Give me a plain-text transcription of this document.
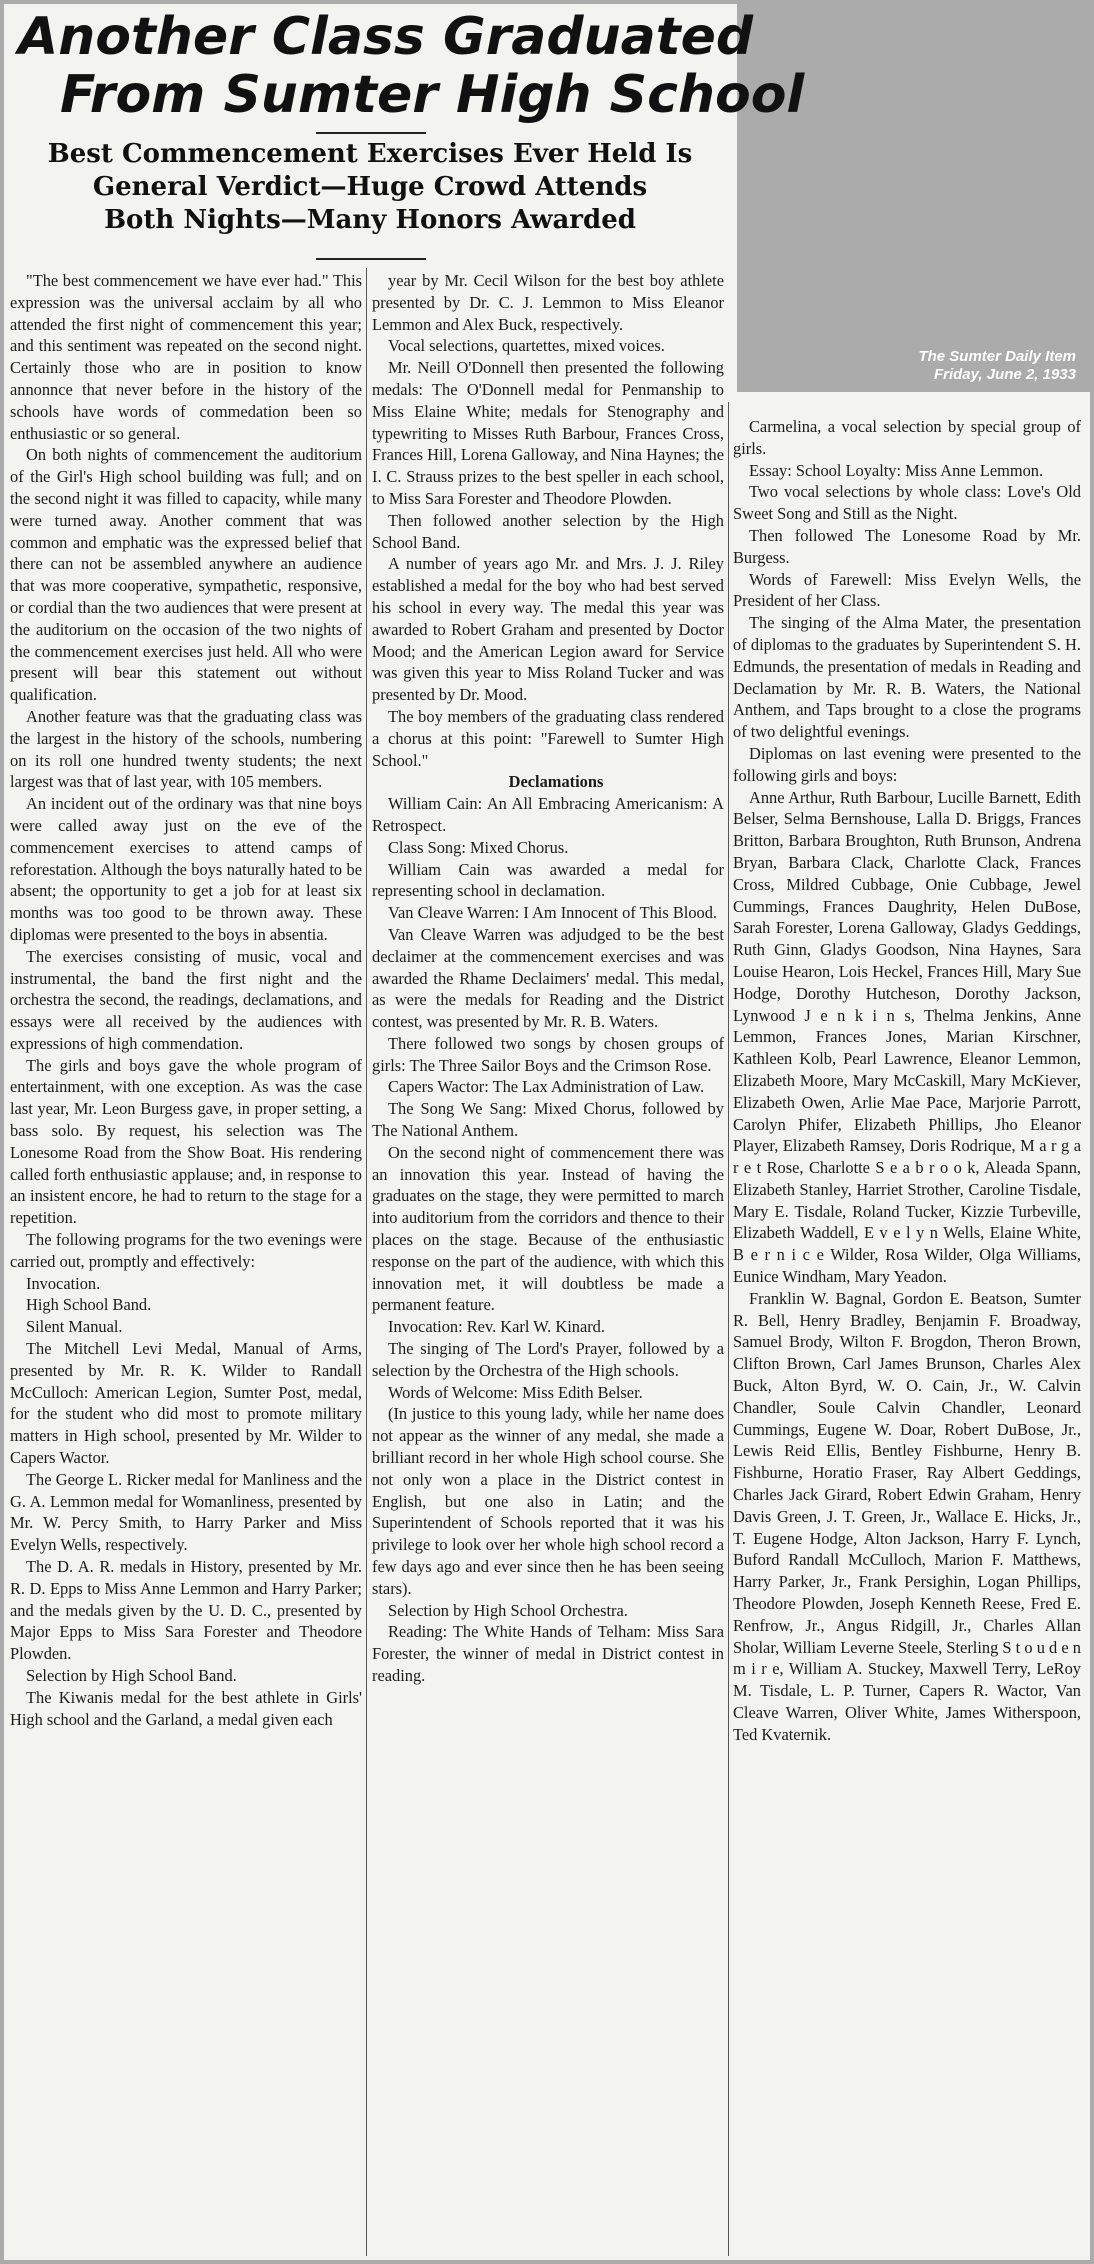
The Sumter Daily Item
Friday, June 2, 1933
Another Class Graduated
From Sumter High School
Best Commencement Exercises Ever Held Is
General Verdict—Huge Crowd Attends
Both Nights—Many Honors Awarded

"The best commencement we have ever had." This expression was the universal acclaim by all who attended the first night of commencement this year; and this sentiment was repeated on the second night. Certainly those who are in position to know annonnce that never before in the history of the schools have words of commedation been so enthusiastic or so general.

On both nights of commencement the auditorium of the Girl's High school building was full; and on the second night it was filled to capacity, while many were turned away. Another comment that was common and emphatic was the expressed belief that there can not be assembled anywhere an audience that was more cooperative, sympathetic, responsive, or cordial than the two audiences that were present at the auditorium on the occasion of the two nights of the commencement exercises just held. All who were present will bear this statement out without qualification.

Another feature was that the graduating class was the largest in the history of the schools, numbering on its roll one hundred twenty students; the next largest was that of last year, with 105 members.

An incident out of the ordinary was that nine boys were called away just on the eve of the commencement exercises to attend camps of reforestation. Although the boys naturally hated to be absent; the opportunity to get a job for at least six months was too good to be thrown away. These diplomas were presented to the boys in absentia.

The exercises consisting of music, vocal and instrumental, the band the first night and the orchestra the second, the readings, declamations, and essays were all received by the audiences with expressions of high commendation.

The girls and boys gave the whole program of entertainment, with one exception. As was the case last year, Mr. Leon Burgess gave, in proper setting, a bass solo. By request, his selection was The Lonesome Road from the Show Boat. His rendering called forth enthusiastic applause; and, in response to an insistent encore, he had to return to the stage for a repetition.

The following programs for the two evenings were carried out, promptly and effectively:

Invocation.

High School Band.

Silent Manual.

The Mitchell Levi Medal, Manual of Arms, presented by Mr. R. K. Wilder to Randall McCulloch: American Legion, Sumter Post, medal, for the student who did most to promote military matters in High school, presented by Mr. Wilder to Capers Wactor.

The George L. Ricker medal for Manliness and the G. A. Lemmon medal for Womanliness, presented by Mr. W. Percy Smith, to Harry Parker and Miss Evelyn Wells, respectively.

The D. A. R. medals in History, presented by Mr. R. D. Epps to Miss Anne Lemmon and Harry Parker; and the medals given by the U. D. C., presented by Major Epps to Miss Sara Forester and Theodore Plowden.

Selection by High School Band.

The Kiwanis medal for the best athlete in Girls' High school and the Garland, a medal given each

year by Mr. Cecil Wilson for the best boy athlete presented by Dr. C. J. Lemmon to Miss Eleanor Lemmon and Alex Buck, respectively.

Vocal selections, quartettes, mixed voices.

Mr. Neill O'Donnell then presented the following medals: The O'Donnell medal for Penmanship to Miss Elaine White; medals for Stenography and typewriting to Misses Ruth Barbour, Frances Cross, Frances Hill, Lorena Galloway, and Nina Haynes; the I. C. Strauss prizes to the best speller in each school, to Miss Sara Forester and Theodore Plowden.

Then followed another selection by the High School Band.

A number of years ago Mr. and Mrs. J. J. Riley established a medal for the boy who had best served his school in every way. The medal this year was awarded to Robert Graham and presented by Doctor Mood; and the American Legion award for Service was given this year to Miss Roland Tucker and was presented by Dr. Mood.

The boy members of the graduating class rendered a chorus at this point: "Farewell to Sumter High School."

Declamations

William Cain: An All Embracing Americanism: A Retrospect.

Class Song: Mixed Chorus.

William Cain was awarded a medal for representing school in declamation.

Van Cleave Warren: I Am Innocent of This Blood.

Van Cleave Warren was adjudged to be the best declaimer at the commencement exercises and was awarded the Rhame Declaimers' medal. This medal, as were the medals for Reading and the District contest, was presented by Mr. R. B. Waters.

There followed two songs by chosen groups of girls: The Three Sailor Boys and the Crimson Rose.

Capers Wactor: The Lax Administration of Law.

The Song We Sang: Mixed Chorus, followed by The National Anthem.

On the second night of commencement there was an innovation this year. Instead of having the graduates on the stage, they were permitted to march into auditorium from the corridors and thence to their places on the stage. Because of the enthusiastic response on the part of the audience, with which this innovation met, it will doubtless be made a permanent feature.

Invocation: Rev. Karl W. Kinard.

The singing of The Lord's Prayer, followed by a selection by the Orchestra of the High schools.

Words of Welcome: Miss Edith Belser.

(In justice to this young lady, while her name does not appear as the winner of any medal, she made a brilliant record in her whole High school course. She not only won a place in the District contest in English, but one also in Latin; and the Superintendent of Schools reported that it was his privilege to look over her whole high school record a few days ago and ever since then he has been seeing stars).

Selection by High School Orchestra.

Reading: The White Hands of Telham: Miss Sara Forester, the winner of medal in District contest in reading.

Carmelina, a vocal selection by special group of girls.

Essay: School Loyalty: Miss Anne Lemmon.

Two vocal selections by whole class: Love's Old Sweet Song and Still as the Night.

Then followed The Lonesome Road by Mr. Burgess.

Words of Farewell: Miss Evelyn Wells, the President of her Class.

The singing of the Alma Mater, the presentation of diplomas to the graduates by Superintendent S. H. Edmunds, the presentation of medals in Reading and Declamation by Mr. R. B. Waters, the National Anthem, and Taps brought to a close the programs of two delightful evenings.

Diplomas on last evening were presented to the following girls and boys:

Anne Arthur, Ruth Barbour, Lucille Barnett, Edith Belser, Selma Bernshouse, Lalla D. Briggs, Frances Britton, Barbara Broughton, Ruth Brunson, Andrena Bryan, Barbara Clack, Charlotte Clack, Frances Cross, Mildred Cubbage, Onie Cubbage, Jewel Cummings, Frances Daughrity, Helen DuBose, Sarah Forester, Lorena Galloway, Gladys Geddings, Ruth Ginn, Gladys Goodson, Nina Haynes, Sara Louise Hearon, Lois Heckel, Frances Hill, Mary Sue Hodge, Dorothy Hutcheson, Dorothy Jackson, Lynwood J e n k i n s, Thelma Jenkins, Anne Lemmon, Frances Jones, Marian Kirschner, Kathleen Kolb, Pearl Lawrence, Eleanor Lemmon, Elizabeth Moore, Mary McCaskill, Mary McKiever, Elizabeth Owen, Arlie Mae Pace, Marjorie Parrott, Carolyn Phifer, Elizabeth Phillips, Jho Eleanor Player, Elizabeth Ramsey, Doris Rodrique, M a r g a r e t Rose, Charlotte S e a b r o o k, Aleada Spann, Elizabeth Stanley, Harriet Strother, Caroline Tisdale, Mary E. Tisdale, Roland Tucker, Kizzie Turbeville, Elizabeth Waddell, E v e l y n Wells, Elaine White, B e r n i c e Wilder, Rosa Wilder, Olga Williams, Eunice Windham, Mary Yeadon.

Franklin W. Bagnal, Gordon E. Beatson, Sumter R. Bell, Henry Bradley, Benjamin F. Broadway, Samuel Brody, Wilton F. Brogdon, Theron Brown, Clifton Brown, Carl James Brunson, Charles Alex Buck, Alton Byrd, W. O. Cain, Jr., W. Calvin Chandler, Soule Calvin Chandler, Leonard Cummings, Eugene W. Doar, Robert DuBose, Jr., Lewis Reid Ellis, Bentley Fishburne, Henry B. Fishburne, Horatio Fraser, Ray Albert Geddings, Charles Jack Girard, Robert Edwin Graham, Henry Davis Green, J. T. Green, Jr., Wallace E. Hicks, Jr., T. Eugene Hodge, Alton Jackson, Harry F. Lynch, Buford Randall McCulloch, Marion F. Matthews, Harry Parker, Jr., Frank Persighin, Logan Phillips, Theodore Plowden, Joseph Kenneth Reese, Fred E. Renfrow, Jr., Angus Ridgill, Jr., Charles Allan Sholar, William Leverne Steele, Sterling S t o u d e n m i r e, William A. Stuckey, Maxwell Terry, LeRoy M. Tisdale, L. P. Turner, Capers R. Wactor, Van Cleave Warren, Oliver White, James Witherspoon, Ted Kvaternik.
